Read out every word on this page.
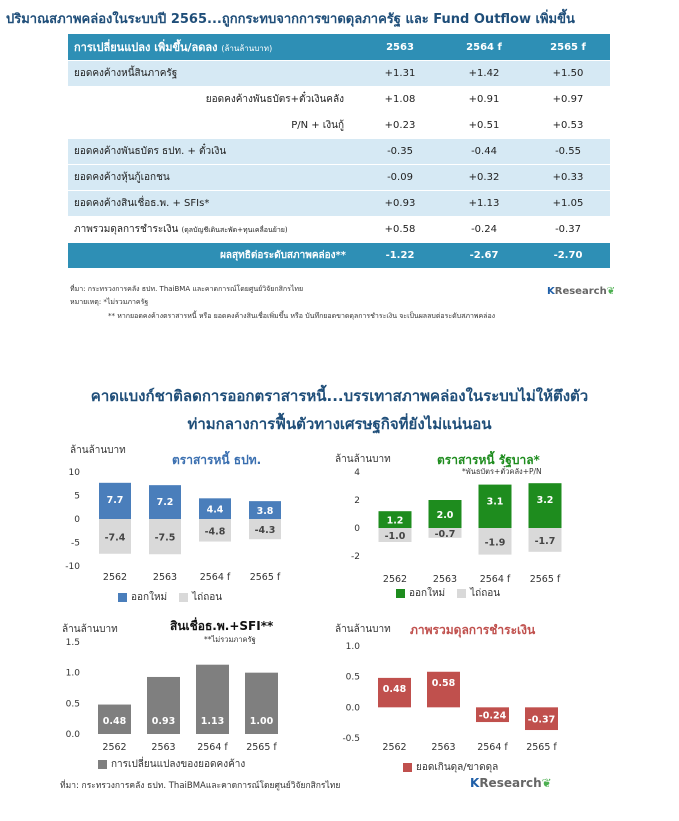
ปริมาณสภาพคล่องในระบบปี 2565...ถูกกระทบจากการขาดดุลภาครัฐ และ Fund Outflow เพิ่มขึ้น
การเปลี่ยนแปลง เพิ่มขึ้น/ลดลง (ล้านล้านบาท)	2563	2564 f	2565 f
ยอดคงค้างหนี้สินภาครัฐ	+1.31	+1.42	+1.50
ยอดคงค้างพันธบัตร+ตั๋วเงินคลัง	+1.08	+0.91	+0.97
P/N + เงินกู้	+0.23	+0.51	+0.53
ยอดคงค้างพันธบัตร ธปท. + ตั๋วเงิน	-0.35	-0.44	-0.55
ยอดคงค้างหุ้นกู้เอกชน	-0.09	+0.32	+0.33
ยอดคงค้างสินเชื่อธ.พ. + SFIs*	+0.93	+1.13	+1.05
ภาพรวมดุลการชำระเงิน (ดุลบัญชีเดินสะพัด+ทุนเคลื่อนย้าย)	+0.58	-0.24	-0.37
ผลสุทธิต่อระดับสภาพคล่อง**	-1.22	-2.67	-2.70
ที่มา: กระทรวงการคลัง ธปท. ThaiBMA และคาดการณ์โดยศูนย์วิจัยกสิกรไทย
หมายเหตุ: *ไม่รวมภาครัฐ
** หากยอดคงค้างตราสารหนี้ หรือ ยอดคงค้างสินเชื่อเพิ่มขึ้น หรือ บันทึกยอดขาดดุลการชำระเงิน จะเป็นผลลบต่อระดับสภาพคล่อง
KResearch❦
คาดแบงก์ชาติลดการออกตราสารหนี้...บรรเทาสภาพคล่องในระบบไม่ให้ตึงตัว
ท่ามกลางการฟื้นตัวทางเศรษฐกิจที่ยังไม่แน่นอน
ล้านล้านบาท
ตราสารหนี้ ธปท.
10
5
0
-5
-10
7.7	7.2
4.4	3.8
-7.4	-7.5
-4.8	-4.3
2562	2563 2564 f 2565 f
ออกใหม่	ไถ่ถอน
ล้านล้านบาท	ตราสารหนี้ รัฐบาล*
*พันธบัตร+ตั๋วคลัง+P/N
4
2
0
-2
1.2
2.0
3.1	3.2
-1.0	-0.7
-1.9	-1.7
2562	2563 2564 f 2565 f
ออกใหม่	ไถ่ถอน
ล้านล้านบาท	สินเชื่อธ.พ.+SFI**
**ไม่รวมภาครัฐ
1.5
1.0
0.5
0.0
0.48	0.93	1.13	1.00
2562	2563 2564 f 2565 f
การเปลี่ยนแปลงของยอดคงค้าง
ล้านล้านบาท ภาพรวมดุลการชำระเงิน
1.0
0.5
0.0
-0.5
0.48
0.58
-0.24 -0.37
2562	2563 2564 f 2565 f
ยอดเกินดุล/ขาดดุล
ที่มา: กระทรวงการคลัง ธปท. ThaiBMAและคาดการณ์โดยศูนย์วิจัยกสิกรไทย	KResearch❦
